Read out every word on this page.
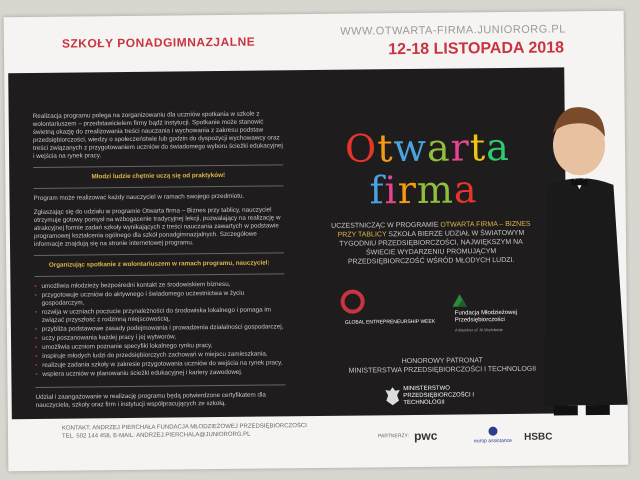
SZKOŁY PONADGIMNAZJALNE
WWW.OTWARTA-FIRMA.JUNIORORG.PL
12-18 LISTOPADA 2018

Realizacja programu polega na zorganizowaniu dla uczniów spotkania w szkole z wolontariuszem – przedstawicielem firmy bądź instytucji. Spotkanie może stanowić świetną okazję do zrealizowania treści nauczania i wychowania z zakresu podstaw przedsiębiorczości, wiedzy o społeczeństwie lub godzin do dyspozycji wychowawcy oraz treści związanych z przygotowaniem uczniów do świadomego wyboru ścieżki edukacyjnej i wejścia na rynek pracy.

Młodzi ludzie chętnie uczą się od praktyków!

Program może realizować każdy nauczyciel w ramach swojego przedmiotu.

Zgłaszając się do udziału w programie Otwarta firma – Biznes przy tablicy, nauczyciel otrzymuje gotowy pomysł na wzbogacenie tradycyjnej lekcji, pozwalający na realizację w atrakcyjnej formie zadań szkoły wynikających z treści nauczania zawartych w podstawie programowej kształcenia ogólnego dla szkół ponadgimnazjalnych. Szczegółowe informacje znajdują się na stronie internetowej programu.

Organizując spotkanie z wolontariuszem w ramach programu, nauczyciel:
• umożliwia młodzieży bezpośredni kontakt ze środowiskiem biznesu,
• przygotowuje uczniów do aktywnego i świadomego uczestnictwa w życiu gospodarczym,
• rozwija w uczniach poczucie przynależności do środowiska lokalnego i pomaga im związać przyszłość z rodzinną miejscowością,
• przybliża podstawowe zasady podejmowania i prowadzenia działalności gospodarczej,
• uczy poszanowania każdej pracy i jej wytworów,
• umożliwia uczniom poznanie specyfiki lokalnego rynku pracy,
• inspiruje młodych ludzi do przedsiębiorczych zachowań w miejscu zamieszkania,
• realizuje zadania szkoły w zakresie przygotowania uczniów do wejścia na rynek pracy,
• wspiera uczniów w planowaniu ścieżki edukacyjnej i kariery zawodowej.

Udział i zaangażowanie w realizację programu będą potwierdzone certyfikatem dla nauczyciela, szkoły oraz firm i instytucji współpracujących ze szkołą.

Otwarta
firma
UCZESTNICZĄC W PROGRAMIE OTWARTA FIRMA – BIZNES PRZY TABLICY SZKOŁA BIERZE UDZIAŁ W ŚWIATOWYM TYGODNIU PRZEDSIĘBIORCZOŚCI, NAJWIĘKSZYM NA ŚWIECIE WYDARZENIU PROMUJĄCYM PRZEDSIĘBIORCZOŚĆ WŚRÓD MŁODYCH LUDZI.
GLOBAL ENTREPRENEURSHIP WEEK
Fundacja Młodzieżowej Przedsiębiorczości
A Member of JA Worldwide
HONOROWY PATRONAT
MINISTERSTWA PRZEDSIĘBIORCZOŚCI I TECHNOLOGII
MINISTERSTWO PRZEDSIĘBIORCZOŚCI I TECHNOLOGII
KONTAKT: ANDRZEJ PIERCHAŁA FUNDACJA MŁODZIEŻOWEJ PRZEDSIĘBIORCZOŚCI
TEL. 502 144 458, E-MAIL: ANDRZEJ.PIERCHALA@JUNIORORG.PL	PARTNERZY: pwc	europ assistance HSBC
